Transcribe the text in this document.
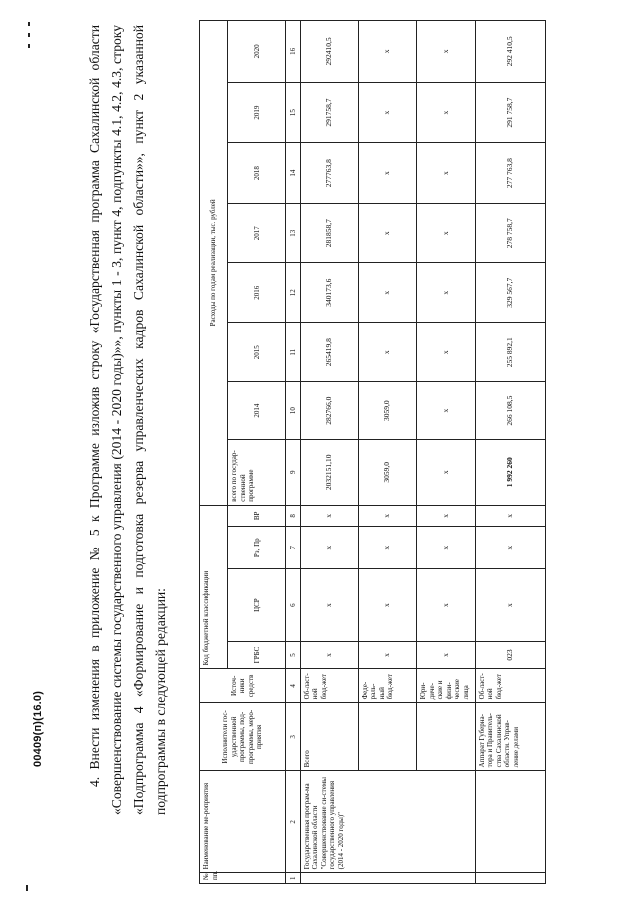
4. Внести изменения в приложение № 5 к Программе изложив строку «Государственная программа Сахалинской области «Совершенствование системы государственного управления (2014 - 2020 годы)»», пункты 1 - 3, пункт 4, подпункты 4.1, 4.2, 4.3, строку «Подпрограмма 4 «Формирование и подготовка резерва управленческих кадров Сахалинской области»», пункт 2 указанной подпрограммы в следующей редакции:

00409(п)(16.0)
№ пп.	Наименование ме-роприятия	Исполнители гос-ударственной программы, под-программы, меро-приятия	Источ-ники средств	Код бюджетной классификации				Расходы по годам реализации, тыс. рублей							
				ГРБС	ЦСР	Рз, Пр	ВР	всего по государ-ственной программе	2014	2015	2016	2017	2018	2019	2020
1	2	3	4	5	6	7	8	9	10	11	12	13	14	15	16
	Государственная програм-ма Сахалинской области "Совершенствование си-стемы государственного управления (2014 - 2020 годы)"	Всего	Об-ласт-ной бюд-жет	x	x	x	x	2032151,10	282766,0	265419,8	340173,6	281858,7	277763,8	291758,7	292410,5
			Феде-раль-ный бюд-жет	x	x	x	x	3059,0	3059,0	x	x	x	x	x	x
			Юри-диче-ские и физи-ческие лица	x	x	x	x	x	x	x	x	x	x	x	x
		Аппарат Губерна-тора и Правитель-ства Сахалинской области. Управ-ление делами	Об-ласт-ной бюд-жет	023	x	x	x	1 992 260	266 108,5	255 892,1	329 567,7	278 758,7	277 763,8	291 758,7	292 410,5
